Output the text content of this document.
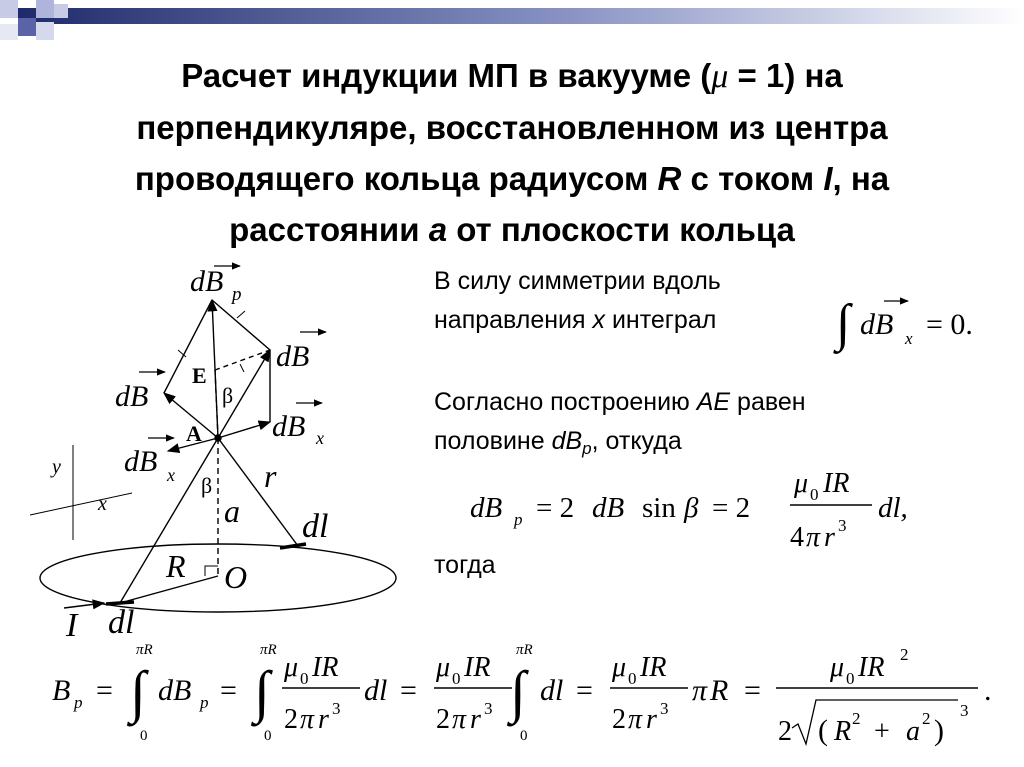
Расчет индукции МП в вакууме (μ = 1) на перпендикуляре, восстановленном из центра проводящего кольца радиусом R с током I, на расстоянии a от плоскости кольца
В силу симметрии вдоль
направления x интеграл
Согласно построению AE равен
половине $dB_p$, откуда
тогда
dB p
dB
dB
dB x
dB x
E
A
β
β r
a dl
R O
I dl
y
x
∫ dB x = 0.
dB p = 2 dB sin β = 2
μ 0 IR
4 π r 3
dl,
B p = ∫
πR
0
dB p = ∫
πR
0
μ 0 IR
2 π r 3
dl =
μ 0 IR
2 π r 3 ∫
πR
0
dl =
μ 0 IR
2 π r 3
π R =
μ 0 IR 2
2 ( R 2 + a 2 )
3
.
